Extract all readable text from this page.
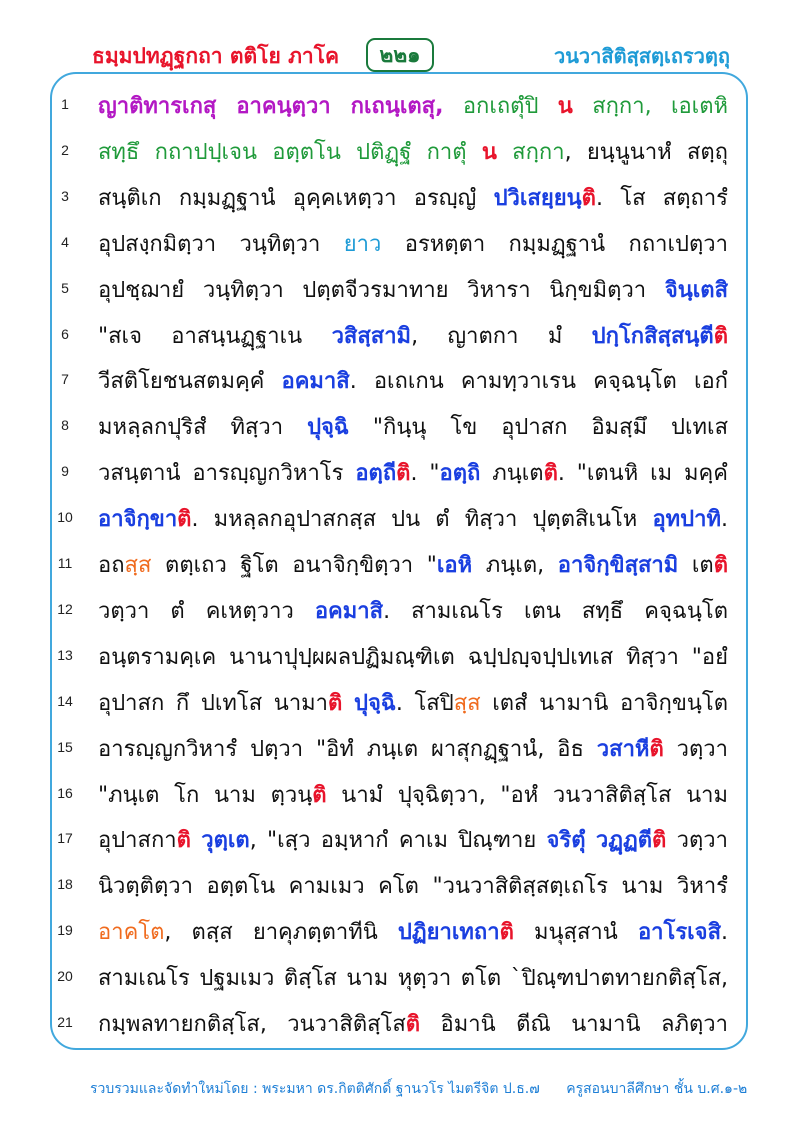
ธมฺมปทฏฺฐกถา ตติโย ภาโค	๒๒๑	วนวาสิติสฺสตฺเถรวตฺถุ
1	ญาติทารเกสุ อาคนฺตฺวา กเถนฺเตสุ, อกเถตุํปิ น สกฺกา, เอเตหิ
2	สทฺธึ กถาปปฺเจน อตฺตโน ปติฏฺฐํ กาตุํ น สกฺกา, ยนฺนูนาหํ สตฺถุ
3	สนฺติเก กมฺมฏฺฐานํ อุคฺคเหตฺวา อรญฺญํ ปวิเสยฺยนฺติ. โส สตฺถารํ
4	อุปสงฺกมิตฺวา วนฺทิตฺวา ยาว อรหตฺตา กมฺมฏฺฐานํ กถาเปตฺวา
5	อุปชฺฌายํ วนฺทิตฺวา ปตฺตจีวรมาทาย วิหารา นิกฺขมิตฺวา จินฺเตสิ
6	"สเจ อาสนฺนฏฺฐาเน วสิสฺสามิ, ญาตกา มํ ปกฺโกสิสฺสนฺตีติ
7	วีสติโยชนสตมคฺคํ อคมาสิ. อเถเกน คามทฺวาเรน คจฺฉนฺโต เอกํ
8	มหลฺลกปุริสํ ทิสฺวา ปุจฺฉิ "กินฺนุ โข อุปาสก อิมสฺมึ ปเทเส
9	วสนฺตานํ อารญฺญกวิหาโร อตฺถีติ. "อตฺถิ ภนฺเตติ. "เตนหิ เม มคฺคํ
10 อาจิกฺขาติ. มหลฺลกอุปาสกสฺส ปน ตํ ทิสฺวา ปุตฺตสิเนโห อุทปาทิ.
11 อถสฺส ตตฺเถว ฐิโต อนาจิกฺขิตฺวา "เอหิ ภนฺเต, อาจิกฺขิสฺสามิ เตติ
12 วตฺวา ตํ คเหตฺวาว อคมาสิ. สามเณโร เตน สทฺธึ คจฺฉนฺโต
13 อนฺตรามคฺเค นานาปุปฺผผลปฏิมณฺฑิเต ฉปฺปญฺจปฺปเทเส ทิสฺวา "อยํ
14 อุปาสก กึ ปเทโส นามาติ ปุจฺฉิ. โสปิสฺส เตสํ นามานิ อาจิกฺขนฺโต
15 อารญฺญกวิหารํ ปตฺวา "อิทํ ภนฺเต ผาสุกฏฺฐานํ, อิธ วสาหีติ วตฺวา
16 "ภนฺเต โก นาม ตฺวนฺติ นามํ ปุจฺฉิตฺวา, "อหํ วนวาสิติสฺโส นาม
17 อุปาสกาติ วุตฺเต, "เสฺว อมฺหากํ คาเม ปิณฺฑาย จริตุํ วฏฺฏตีติ วตฺวา
18 นิวตฺติตฺวา อตฺตโน คามเมว คโต "วนวาสิติสฺสตฺเถโร นาม วิหารํ
19 อาคโต, ตสฺส ยาคุภตฺตาทีนิ ปฏิยาเทถาติ มนุสฺสานํ อาโรเจสิ.
20 สามเณโร ปฐมเมว ติสฺโส นาม หุตฺวา ตโต `ปิณฺฑปาตทายกติสฺโส,
21 กมฺพลทายกติสฺโส, วนวาสิติสฺโสติ อิมานิ ตีณิ นามานิ ลภิตฺวา
รวบรวมและจัดทำใหม่โดย : พระมหา ดร.กิตติศักดิ์ ฐานวโร ไมตรีจิต ป.ธ.๗ ครูสอนบาลีศึกษา ชั้น บ.ศ.๑-๒
